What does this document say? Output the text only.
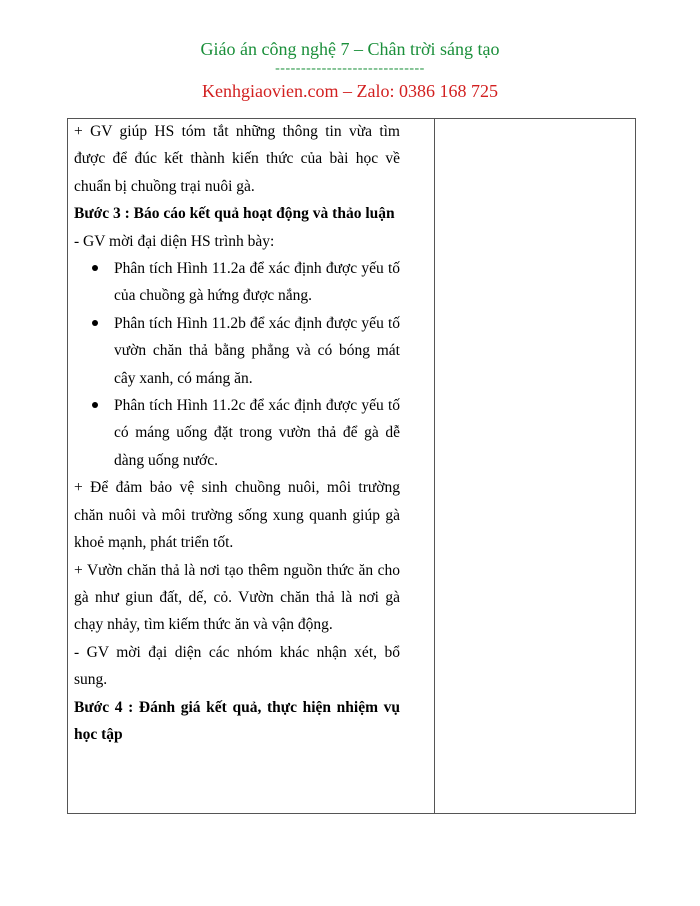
Giáo án công nghệ 7 – Chân trời sáng tạo
-----------------------------
Kenhgiaovien.com – Zalo: 0386 168 725

+ GV giúp HS tóm tắt những thông tin vừa tìm được để đúc kết thành kiến thức của bài học về chuẩn bị chuồng trại nuôi gà.

Bước 3 : Báo cáo kết quả hoạt động và thảo luận

- GV mời đại diện HS trình bày:

Phân tích Hình 11.2a để xác định được yếu tố của chuồng gà hứng được nắng.
Phân tích Hình 11.2b để xác định được yếu tố vườn chăn thả bằng phẳng và có bóng mát cây xanh, có máng ăn.
Phân tích Hình 11.2c để xác định được yếu tố có máng uống đặt trong vườn thả để gà dễ dàng uống nước.

+ Để đảm bảo vệ sinh chuồng nuôi, môi trường chăn nuôi và môi trường sống xung quanh giúp gà khoẻ mạnh, phát triển tốt.

+ Vườn chăn thả là nơi tạo thêm nguồn thức ăn cho gà như giun đất, dế, cỏ. Vườn chăn thả là nơi gà chạy nhảy, tìm kiếm thức ăn và vận động.

- GV mời đại diện các nhóm khác nhận xét, bổ sung.

Bước 4 : Đánh giá kết quả, thực hiện nhiệm vụ học tập
